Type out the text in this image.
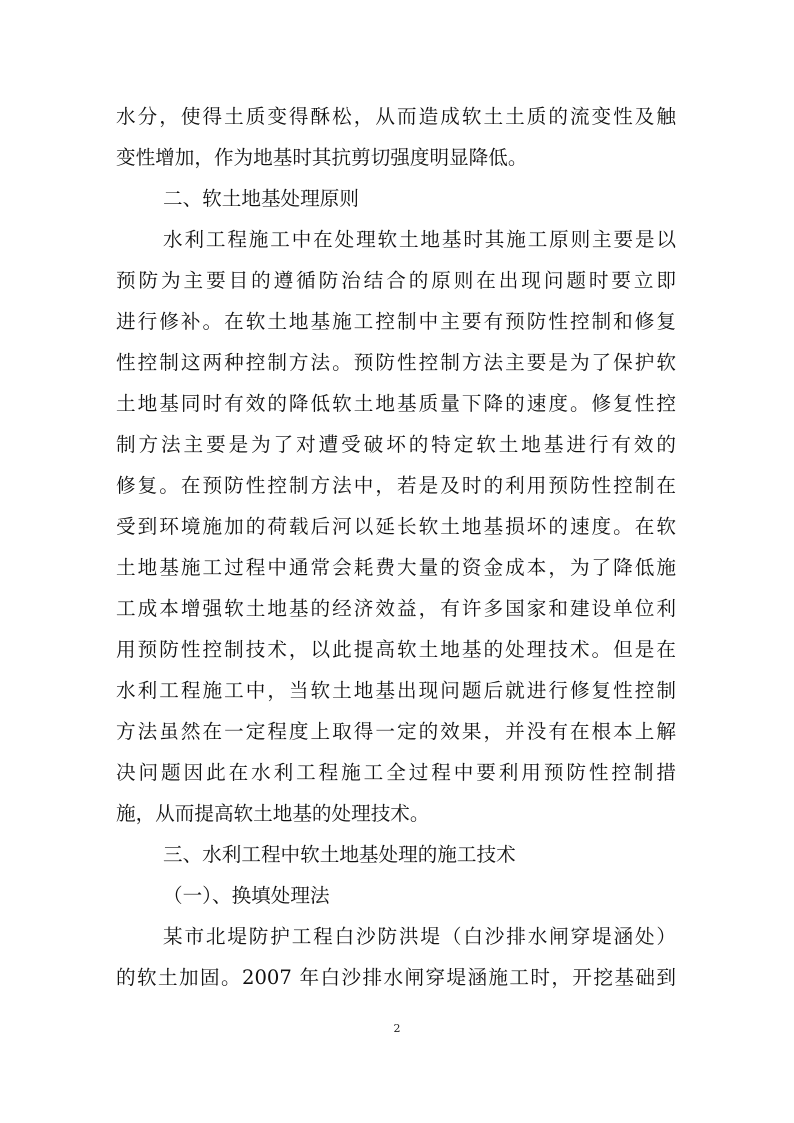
水分，使得土质变得酥松，从而造成软土土质的流变性及触
变性增加，作为地基时其抗剪切强度明显降低。
二、软土地基处理原则
水利工程施工中在处理软土地基时其施工原则主要是以
预防为主要目的遵循防治结合的原则在出现问题时要立即
进行修补。在软土地基施工控制中主要有预防性控制和修复
性控制这两种控制方法。预防性控制方法主要是为了保护软
土地基同时有效的降低软土地基质量下降的速度。修复性控
制方法主要是为了对遭受破坏的特定软土地基进行有效的
修复。在预防性控制方法中，若是及时的利用预防性控制在
受到环境施加的荷载后河以延长软土地基损坏的速度。在软
土地基施工过程中通常会耗费大量的资金成本，为了降低施
工成本增强软土地基的经济效益，有许多国家和建设单位利
用预防性控制技术，以此提高软土地基的处理技术。但是在
水利工程施工中，当软土地基出现问题后就进行修复性控制
方法虽然在一定程度上取得一定的效果，并没有在根本上解
决问题因此在水利工程施工全过程中要利用预防性控制措
施，从而提高软土地基的处理技术。
三、水利工程中软土地基处理的施工技术
（一）、换填处理法
某市北堤防护工程白沙防洪堤（白沙排水闸穿堤涵处）
的软土加固。2007 年白沙排水闸穿堤涵施工时，开挖基础到
2
